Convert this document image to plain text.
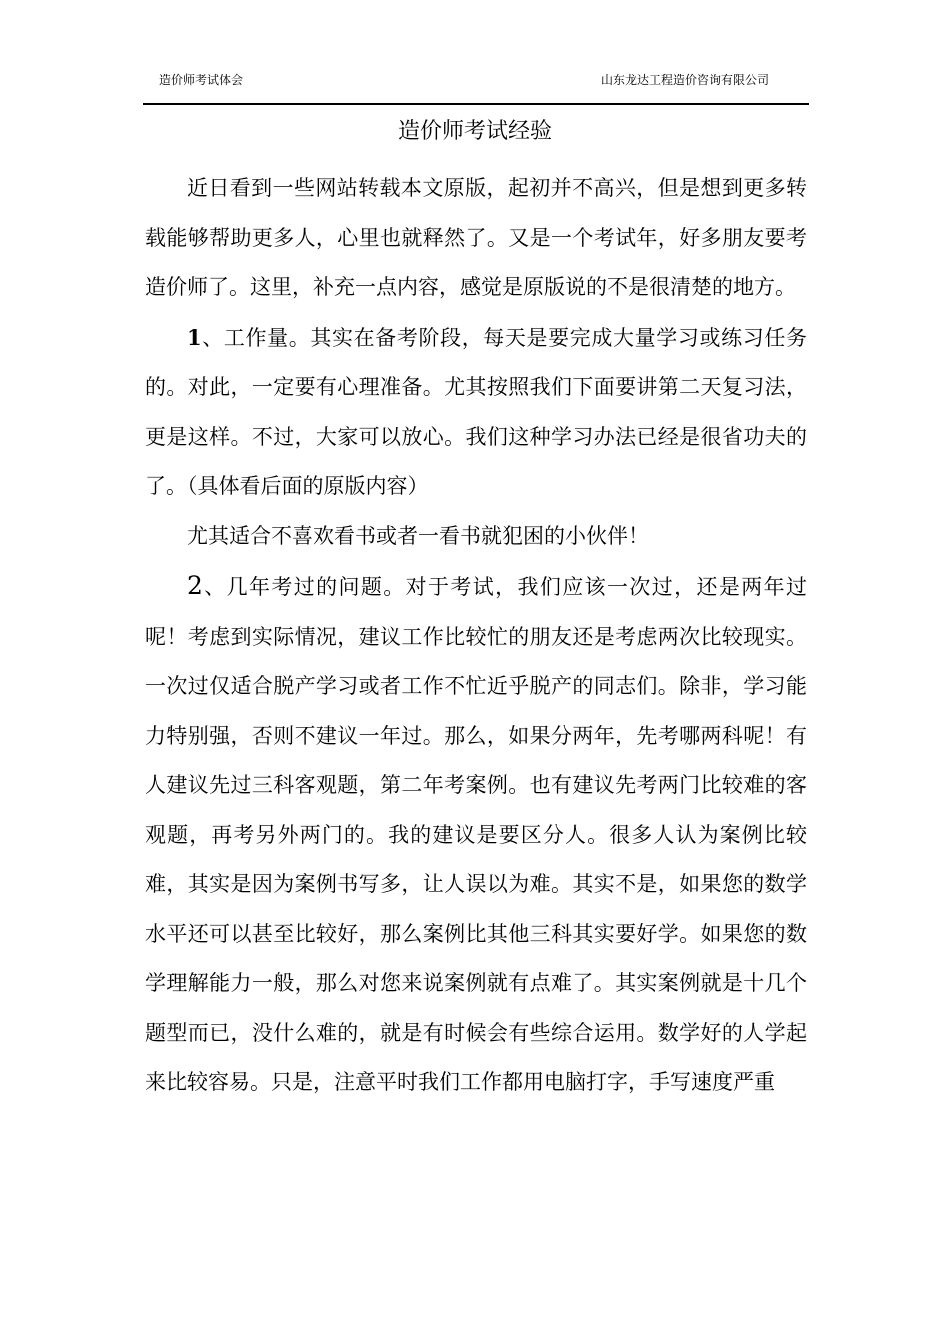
造价师考试体会	山东龙达工程造价咨询有限公司
造价师考试经验

近日看到一些网站转载本文原版，起初并不高兴，但是想到更多转载能够帮助更多人，心里也就释然了。又是一个考试年，好多朋友要考造价师了。这里，补充一点内容，感觉是原版说的不是很清楚的地方。

1、工作量。其实在备考阶段，每天是要完成大量学习或练习任务的。对此，一定要有心理准备。尤其按照我们下面要讲第二天复习法，更是这样。不过，大家可以放心。我们这种学习办法已经是很省功夫的了。（具体看后面的原版内容）

尤其适合不喜欢看书或者一看书就犯困的小伙伴！

2、几年考过的问题。对于考试，我们应该一次过，还是两年过呢！考虑到实际情况，建议工作比较忙的朋友还是考虑两次比较现实。一次过仅适合脱产学习或者工作不忙近乎脱产的同志们。除非，学习能力特别强，否则不建议一年过。那么，如果分两年，先考哪两科呢！有人建议先过三科客观题，第二年考案例。也有建议先考两门比较难的客观题，再考另外两门的。我的建议是要区分人。很多人认为案例比较难，其实是因为案例书写多，让人误以为难。其实不是，如果您的数学水平还可以甚至比较好，那么案例比其他三科其实要好学。如果您的数学理解能力一般，那么对您来说案例就有点难了。其实案例就是十几个题型而已，没什么难的，就是有时候会有些综合运用。数学好的人学起来比较容易。只是，注意平时我们工作都用电脑打字，手写速度严重
